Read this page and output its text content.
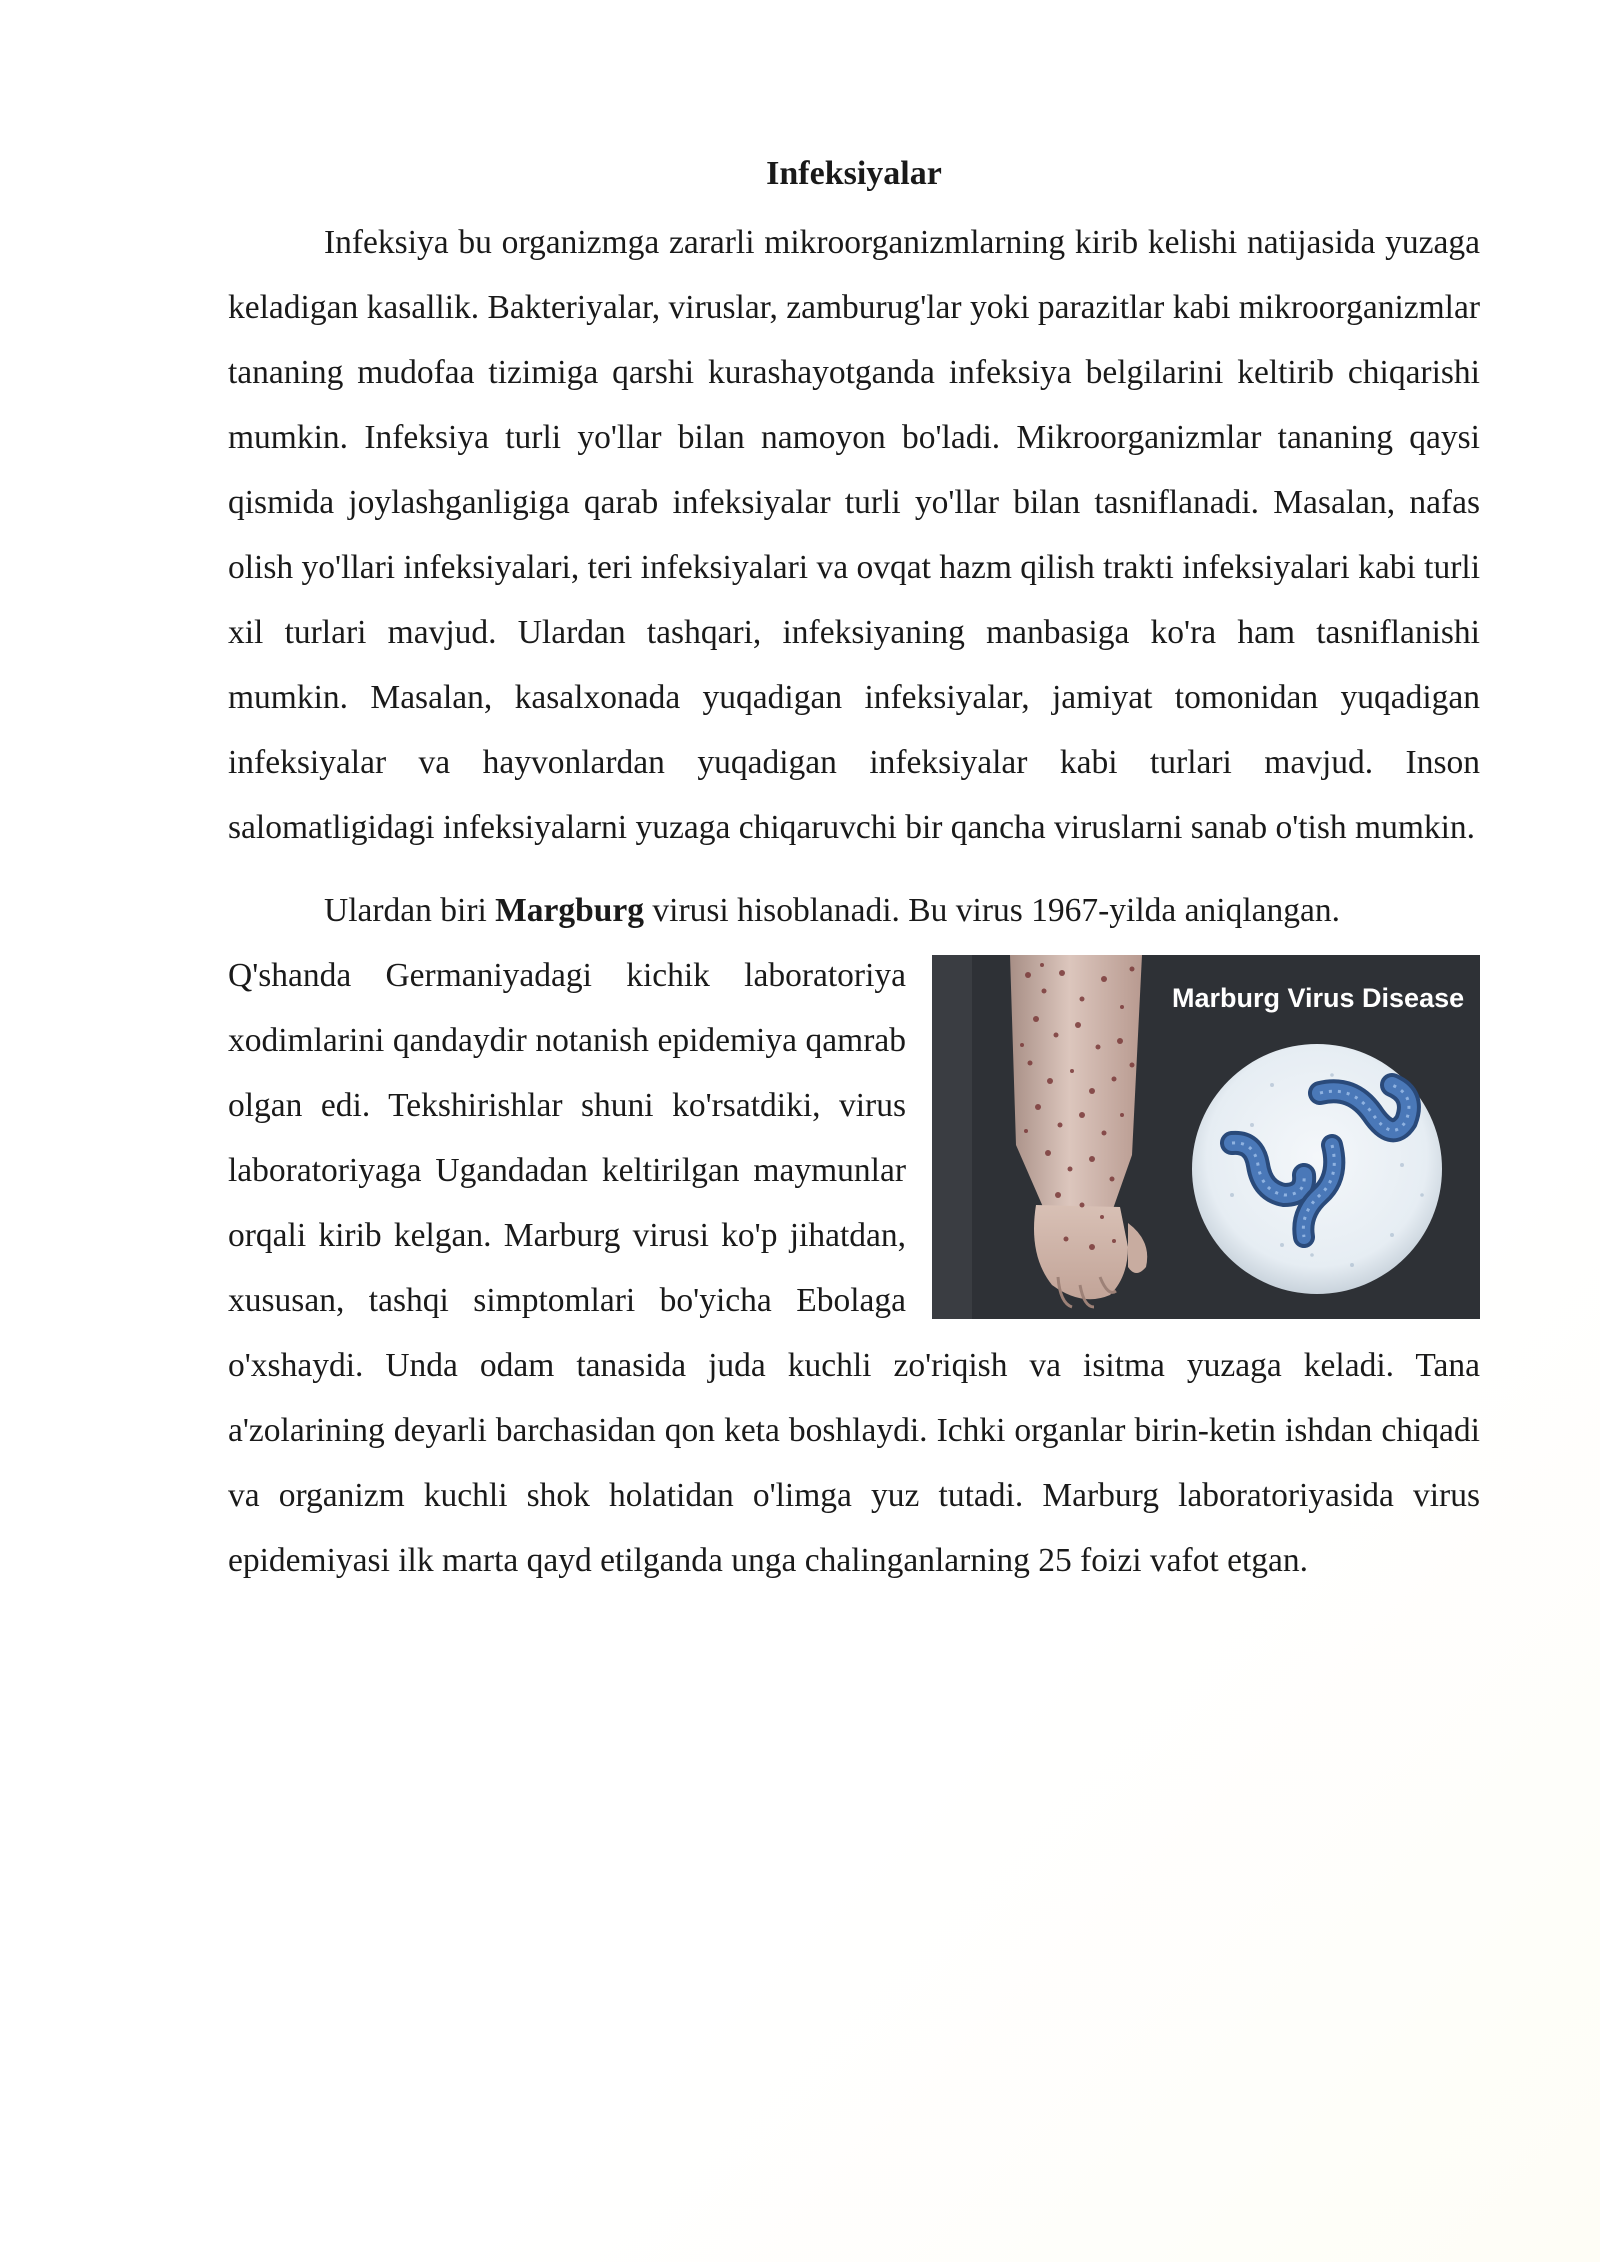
Infeksiyalar

Infeksiya bu organizmga zararli mikroorganizmlarning kirib kelishi natijasida yuzaga keladigan kasallik. Bakteriyalar, viruslar, zamburug'lar yoki parazitlar kabi mikroorganizmlar tananing mudofaa tizimiga qarshi kurashayotganda infeksiya belgilarini keltirib chiqarishi mumkin. Infeksiya turli yo'llar bilan namoyon bo'ladi. Mikroorganizmlar tananing qaysi qismida joylashganligiga qarab infeksiyalar turli yo'llar bilan tasniflanadi. Masalan, nafas olish yo'llari infeksiyalari, teri infeksiyalari va ovqat hazm qilish trakti infeksiyalari kabi turli xil turlari mavjud. Ulardan tashqari, infeksiyaning manbasiga ko'ra ham tasniflanishi mumkin. Masalan, kasalxonada yuqadigan infeksiyalar, jamiyat tomonidan yuqadigan infeksiyalar va hayvonlardan yuqadigan infeksiyalar kabi turlari mavjud. Inson salomatligidagi infeksiyalarni yuzaga chiqaruvchi bir qancha viruslarni sanab o'tish mumkin.

Ulardan biri Margburg virusi hisoblanadi. Bu virus 1967-yilda aniqlangan.

Marburg Virus Disease

Q'shanda Germaniyadagi kichik laboratoriya xodimlarini qandaydir notanish epidemiya qamrab olgan edi. Tekshirishlar shuni ko'rsatdiki, virus laboratoriyaga Ugandadan keltirilgan maymunlar orqali kirib kelgan. Marburg virusi ko'p jihatdan, xususan, tashqi simptomlari bo'yicha Ebolaga o'xshaydi. Unda odam tanasida juda kuchli zo'riqish va isitma yuzaga keladi. Tana a'zolarining deyarli barchasidan qon keta boshlaydi. Ichki organlar birin-ketin ishdan chiqadi va organizm kuchli shok holatidan o'limga yuz tutadi. Marburg laboratoriyasida virus epidemiyasi ilk marta qayd etilganda unga chalinganlarning 25 foizi vafot etgan.
